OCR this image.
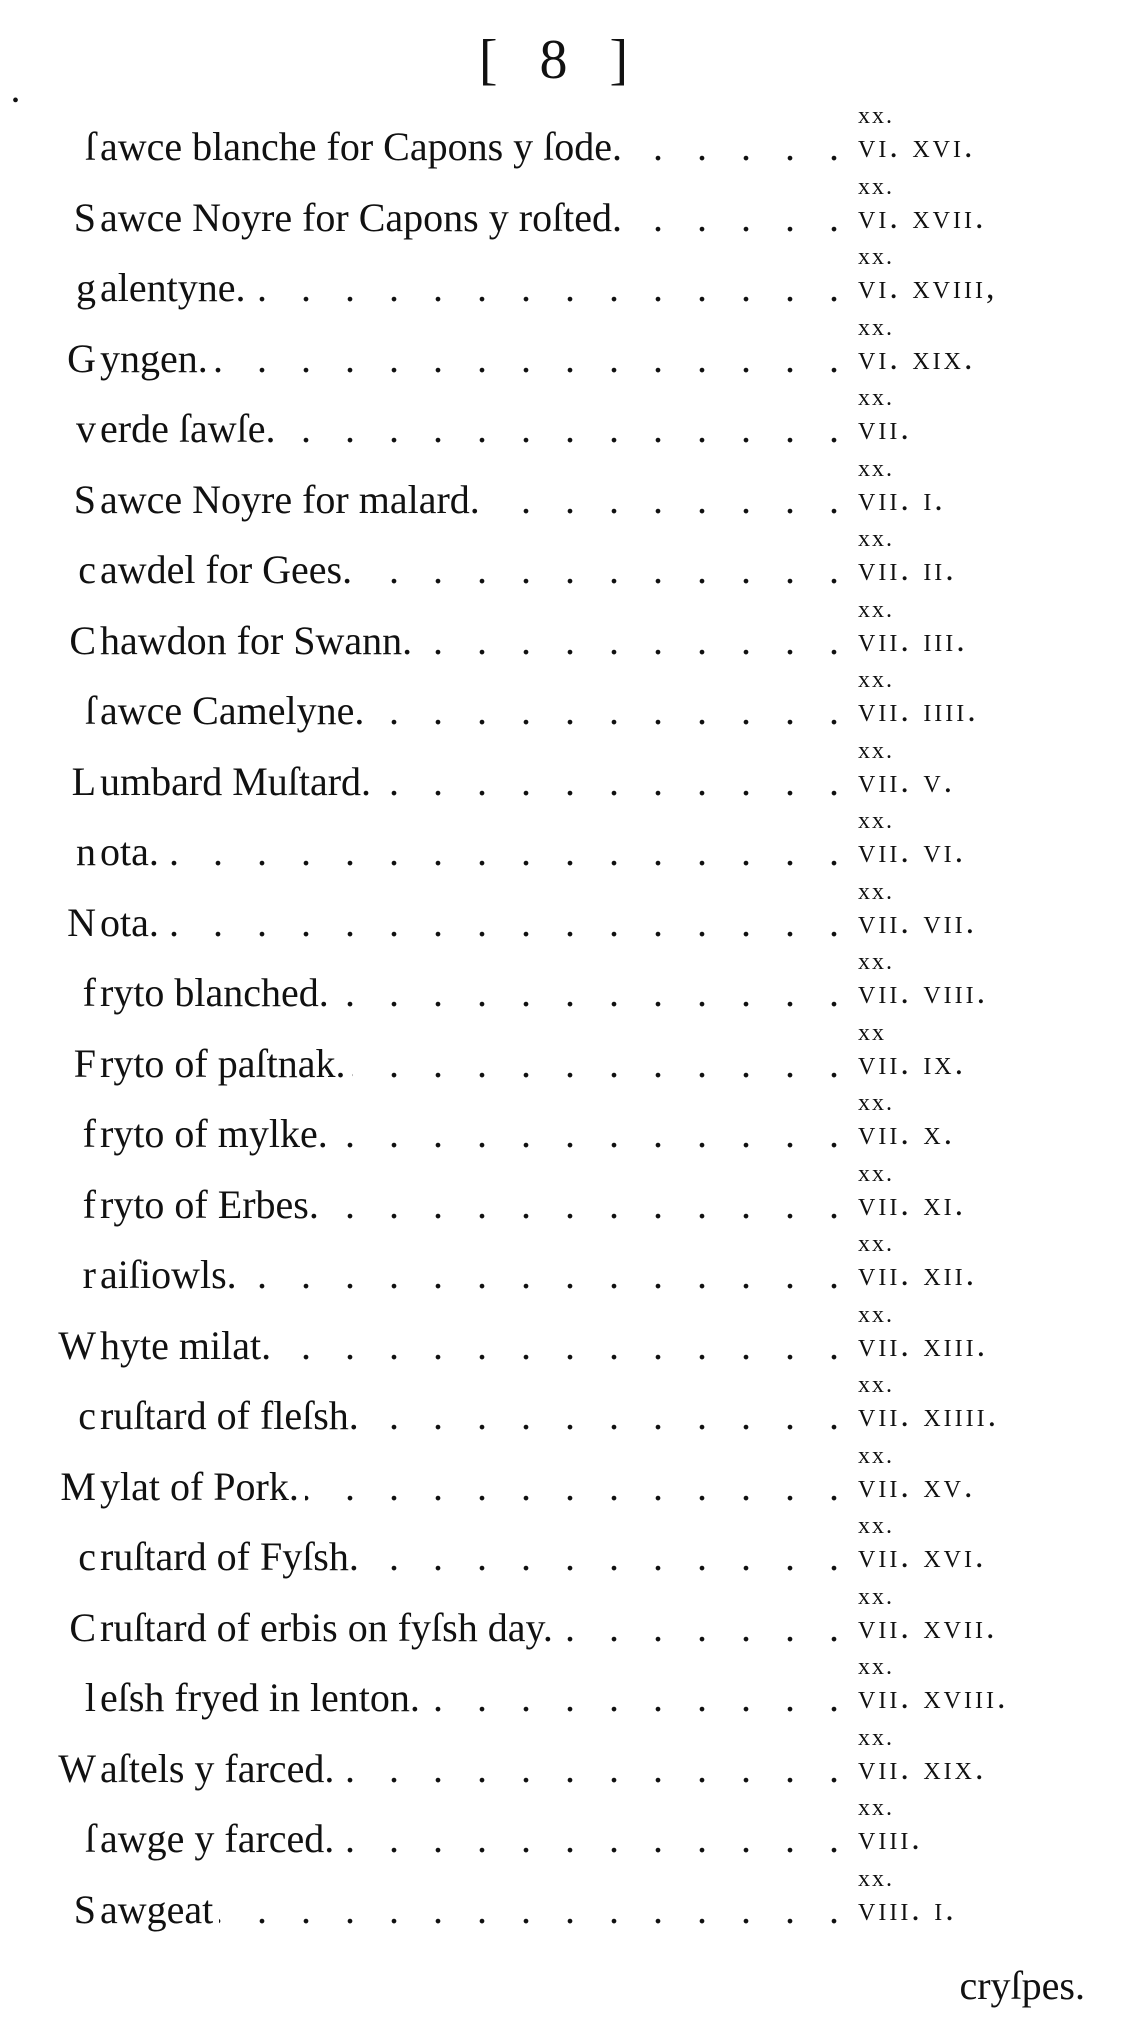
[ 8 ]
•
ſ awce blanche for Capons y ſode. . . .
xx.
vi. xvi.
S awce Noyre for Capons y roſted. . . .
xx.
vi. xvii.
g alentyne. . . .
xx.
vi. xviii,
G yngen. . . .
xx.
vi. xix.
v erde ſawſe. . . .
xx.
vii.
S awce Noyre for malard. . . .
xx.
vii. i.
c awdel for Gees. . . .
xx.
vii. ii.
C hawdon for Swann. . . .
xx.
vii. iii.
ſ awce Camelyne. . . .
xx.
vii. iiii.
L umbard Muſtard. . . .
xx.
vii. v.
n ota. . . .
xx.
vii. vi.
N ota. . . .
xx.
vii. vii.
f ryto blanched. . . .
xx.
vii. viii.
F ryto of paſtnak. . . .
xx
vii. ix.
f ryto of mylke. . . .
xx.
vii. x.
f ryto of Erbes. . . .
xx.
vii. xi.
r aiſiowls. . . .
xx.
vii. xii.
W hyte milat. . . .
xx.
vii. xiii.
c ruſtard of fleſsh. . . .
xx.
vii. xiiii.
M ylat of Pork. . . .
xx.
vii. xv.
c ruſtard of Fyſsh. . . .
xx.
vii. xvi.
C ruſtard of erbis on fyſsh day. . . .
xx.
vii. xvii.
l eſsh fryed in lenton. . . .
xx.
vii. xviii.
W aſtels y farced. . . .
xx.
vii. xix.
ſ awge y farced. . . .
xx.
viii.
S awgeat . . .
xx.
viii. i.
cryſpes.
